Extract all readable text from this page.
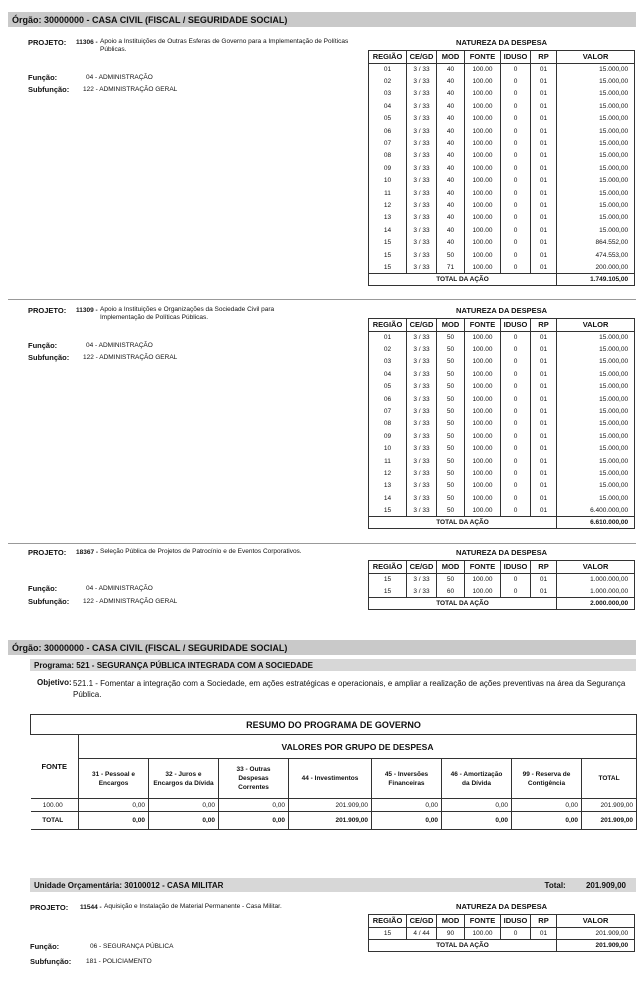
Órgão: 30000000 - CASA CIVIL (FISCAL / SEGURIDADE SOCIAL)
PROJETO: 11306 - Apoio a Instituições de Outras Esferas de Governo para a Implementação de Políticas Públicas.
Função:	04 - ADMINISTRAÇÃO
Subfunção: 122 - ADMINISTRAÇÃO GERAL
NATUREZA DA DESPESA						
REGIÃO	CE/GD	MOD	FONTE	IDUSO	RP	VALOR
01	3 / 33	40	100.00	0	01	15.000,00
02	3 / 33	40	100.00	0	01	15.000,00
03	3 / 33	40	100.00	0	01	15.000,00
04	3 / 33	40	100.00	0	01	15.000,00
05	3 / 33	40	100.00	0	01	15.000,00
06	3 / 33	40	100.00	0	01	15.000,00
07	3 / 33	40	100.00	0	01	15.000,00
08	3 / 33	40	100.00	0	01	15.000,00
09	3 / 33	40	100.00	0	01	15.000,00
10	3 / 33	40	100.00	0	01	15.000,00
11	3 / 33	40	100.00	0	01	15.000,00
12	3 / 33	40	100.00	0	01	15.000,00
13	3 / 33	40	100.00	0	01	15.000,00
14	3 / 33	40	100.00	0	01	15.000,00
15	3 / 33	40	100.00	0	01	864.552,00
15	3 / 33	50	100.00	0	01	474.553,00
15	3 / 33	71	100.00	0	01	200.000,00
TOTAL DA AÇÃO						1.749.105,00
PROJETO: 11309 - Apoio a Instituições e Organizações da Sociedade Civil para Implementação de Políticas Públicas.
Função:	04 - ADMINISTRAÇÃO
Subfunção: 122 - ADMINISTRAÇÃO GERAL
NATUREZA DA DESPESA						
REGIÃO	CE/GD	MOD	FONTE	IDUSO	RP	VALOR
01	3 / 33	50	100.00	0	01	15.000,00
02	3 / 33	50	100.00	0	01	15.000,00
03	3 / 33	50	100.00	0	01	15.000,00
04	3 / 33	50	100.00	0	01	15.000,00
05	3 / 33	50	100.00	0	01	15.000,00
06	3 / 33	50	100.00	0	01	15.000,00
07	3 / 33	50	100.00	0	01	15.000,00
08	3 / 33	50	100.00	0	01	15.000,00
09	3 / 33	50	100.00	0	01	15.000,00
10	3 / 33	50	100.00	0	01	15.000,00
11	3 / 33	50	100.00	0	01	15.000,00
12	3 / 33	50	100.00	0	01	15.000,00
13	3 / 33	50	100.00	0	01	15.000,00
14	3 / 33	50	100.00	0	01	15.000,00
15	3 / 33	50	100.00	0	01	6.400.000,00
TOTAL DA AÇÃO						6.610.000,00
PROJETO: 18367 - Seleção Pública de Projetos de Patrocínio e de Eventos Corporativos.
Função:	04 - ADMINISTRAÇÃO
Subfunção: 122 - ADMINISTRAÇÃO GERAL
NATUREZA DA DESPESA						
REGIÃO	CE/GD	MOD	FONTE	IDUSO	RP	VALOR
15	3 / 33	50	100.00	0	01	1.000.000,00
15	3 / 33	60	100.00	0	01	1.000.000,00
TOTAL DA AÇÃO						2.000.000,00
Órgão: 30000000 - CASA CIVIL (FISCAL / SEGURIDADE SOCIAL)
Programa: 521 - SEGURANÇA PÚBLICA INTEGRADA COM A SOCIEDADE
Objetivo: 521.1 - Fomentar a integração com a Sociedade, em ações estratégicas e operacionais, e ampliar a realização de ações preventivas na área da Segurança Pública.
RESUMO DO PROGRAMA DE GOVERNO								
FONTE	VALORES POR GRUPO DE DESPESA							
	31 - Pessoal e Encargos	32 - Juros e Encargos da Dívida	33 - Outras Despesas Correntes	44 - Investimentos	45 - Inversões Financeiras	46 - Amortização da Dívida	99 - Reserva de Contigência	TOTAL
100.00	0,00	0,00	0,00	201.909,00	0,00	0,00	0,00	201.909,00
TOTAL	0,00	0,00	0,00	201.909,00	0,00	0,00	0,00	201.909,00
Unidade Orçamentária: 30100012 - CASA MILITAR	Total:	201.909,00
PROJETO: 11544 - Aquisição e Instalação de Material Permanente - Casa Militar.
Função:	06 - SEGURANÇA PÚBLICA
Subfunção: 181 - POLICIAMENTO
NATUREZA DA DESPESA						
REGIÃO	CE/GD	MOD	FONTE	IDUSO	RP	VALOR
15	4 / 44	90	100.00	0	01	201.909,00
TOTAL DA AÇÃO						201.909,00
